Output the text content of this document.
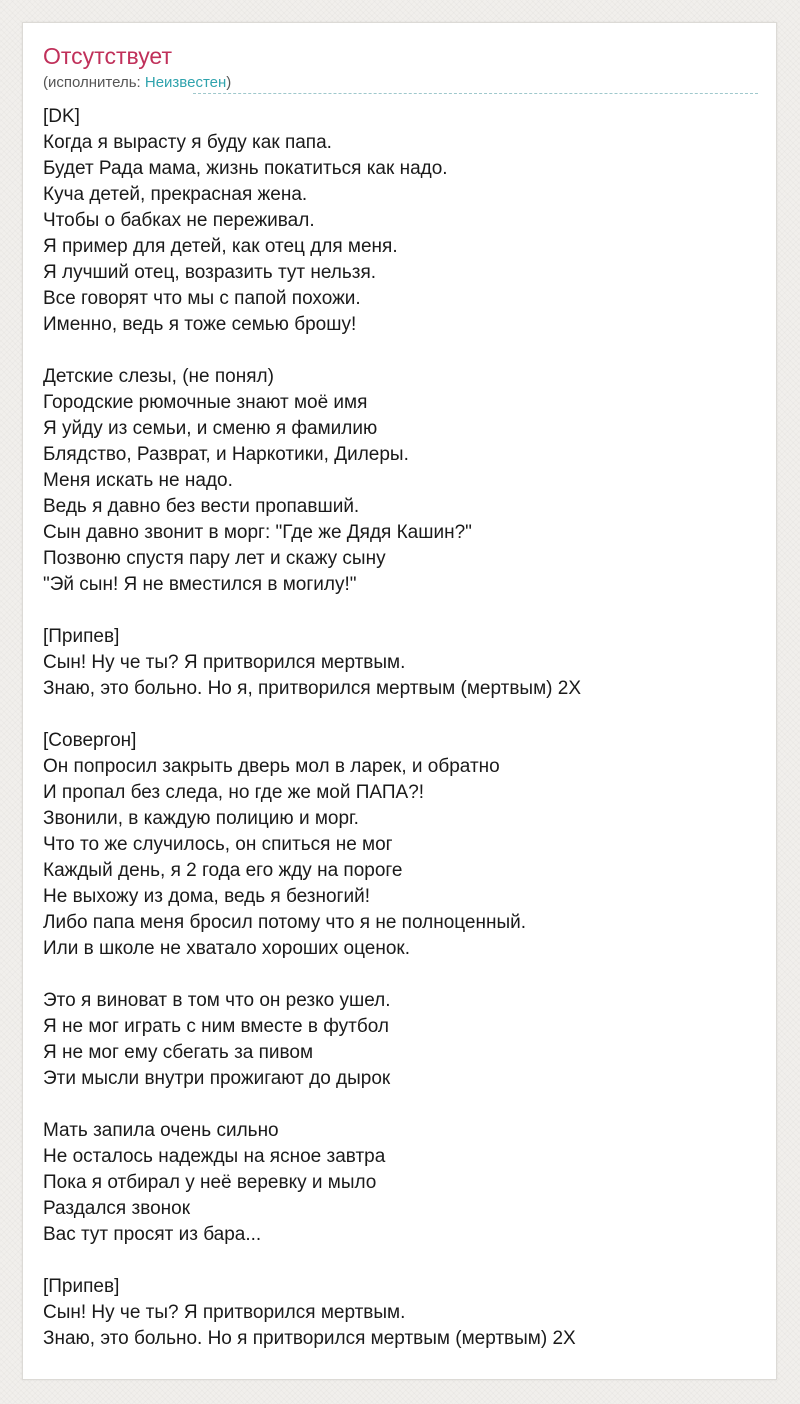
Отсутствует
(исполнитель: Неизвестен)
[DK]
Когда я вырасту я буду как папа.
Будет Рада мама, жизнь покатиться как надо.
Куча детей, прекрасная жена.
Чтобы о бабках не переживал.
Я пример для детей, как отец для меня.
Я лучший отец, возразить тут нельзя.
Все говорят что мы с папой похожи.
Именно, ведь я тоже семью брошу!
Детские слезы, (не понял)
Городские рюмочные знают моё имя
Я уйду из семьи, и сменю я фамилию
Блядство, Разврат, и Наркотики, Дилеры.
Меня искать не надо.
Ведь я давно без вести пропавший.
Сын давно звонит в морг: "Где же Дядя Кашин?"
Позвоню спустя пару лет и скажу сыну
"Эй сын! Я не вместился в могилу!"
[Припев]
Сын! Ну че ты? Я притворился мертвым.
Знаю, это больно. Но я, притворился мертвым (мертвым) 2X
[Совергон]
Он попросил закрыть дверь мол в ларек, и обратно
И пропал без следа, но где же мой ПАПА?!
Звонили, в каждую полицию и морг.
Что то же случилось, он спиться не мог
Каждый день, я 2 года его жду на пороге
Не выхожу из дома, ведь я безногий!
Либо папа меня бросил потому что я не полноценный.
Или в школе не хватало хороших оценок.
Это я виноват в том что он резко ушел.
Я не мог играть с ним вместе в футбол
Я не мог ему сбегать за пивом
Эти мысли внутри прожигают до дырок
Мать запила очень сильно
Не осталось надежды на ясное завтра
Пока я отбирал у неё веревку и мыло
Раздался звонок
Вас тут просят из бара...
[Припев]
Сын! Ну че ты? Я притворился мертвым.
Знаю, это больно. Но я притворился мертвым (мертвым) 2X
